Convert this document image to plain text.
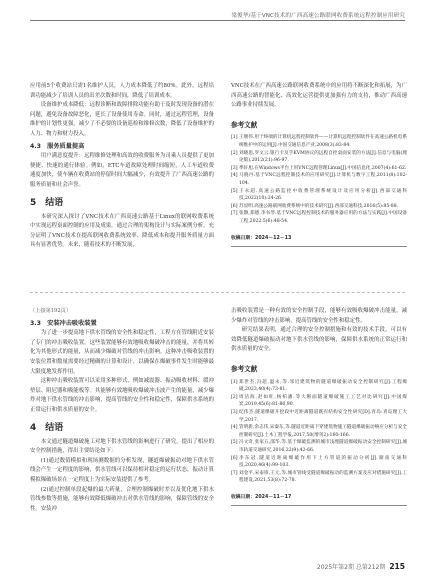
梁俊华/基于VNC技术的广西高速公路联网收费系统远程控制应用研究

应用前5个收费站只需1名维护人员，人力成本降低了约80%。此外，远程培训功能减少了培训人员的出差次数和时间，降低了培训成本。

设备维护成本降低：远程诊断和故障排除功能有助于及时发现设备的潜在问题，避免设备故障恶化，延长了设备使用寿命。同时，通过远程管理，设备维护的计划性更强，减少了不必要的设备巡检和维修次数，降低了设备维护的人力、物力和财力投入。

4.3　服务质量提高

用户满意度提升：远程维修处理和高效的收费服务为司乘人员提供了更加便捷、快速的通行体验。例如，ETC车道故障处理时间缩短，人工车道收费速度加快，使车辆在收费站的停留时间大幅减少，有效提升了广西高速公路的服务质量和社会声誉。

5　结语

本研究深入探讨了VNC技术在广西高速公路基于Linux的联网收费系统中实现远程桌面控制的应用及成果。通过合理的架构设计与实际案例分析，充分证明了VNC技术在提高联网收费系统效率、降低成本和提升服务质量方面具有显著优势。未来，随着技术的不断发展，

VNC技术在广西高速公路联网收费系统中的应用将不断深化和拓展，为广西高速公路的智能化、高效化运营提供更加强有力的支持，推动广西高速公路事业持续发展。

参考文献

[1] 王堰伟.用于终端的计算机远程控制软件——计算机远程控制软件在高速公路机电系统维护中的运用[J].中国交通信息产业,2008(3):83-84.

[2] 刘晓思,罗文云.银行卡及手KVM协议的远程自控桌面安装的方法[J].信息与电脑(理论版),2012(21):96-97.

[3] 季轩旭.在Windows平台上用VNC远程管理Linux[J].中国信息化,2007(4):61-62.

[4] 马晓丹.基于VNC远程控制技术的应用研究[J].计算机与数字工程,2011(8):102-104.

[5] 王永超.高速公路监控中收费管理系统设计及应用分析[J].西部交通科技,2022(10):24-26.

[6] 苏显明.高速公路联网收费系统中的技术研究[J].西部交通科技,2016(5):85-88.

[7] 张颢,郑德,李书琴.基于VNC远程控制技术的服务器应用的方法与实践[J].中国设备工程,2022.5(6):48-54.

收稿日期：2024－12－13

（上接第192页）

3.3　安装冲击吸收装置

为了进一步提高地下供水管线的安全性和稳定性，工程方在管线附近安装了专门的冲击吸收装置。这些装置能够有效地吸收爆破冲击的能量，并将其转化为其他形式的能量，从而减少爆破对管线的冲击影响。这种冲击吸收装置的安装位置和数量需要经过精确的计算和设计，以确保在爆破事件发生时能够最大限度地发挥作用。

这种冲击吸收装置可以采用多种形式，例如减震器、振动吸收材料、缓冲垫层、阻尼器和吸能板等。其能够有效地吸收爆破冲击波产生的能量，减少爆炸对地下供水管线的冲击影响，提高管线的安全性和稳定性，保障供水系统的正常运行和供水质量的安全。

4　结语

本文通过隧道爆破施工对地下供水管线的影响进行了研究，提出了相应的安全控制措施，得出主要结论如下：

(1)通过数值模拟和现场测数据的分析发现，隧道爆破振动对地下供水管线会产生一定程度的影响，供水管线可以保持相对稳定的运行状态，振动计算模拟爆破场景在一定程度上为实际安装提供了参考。

(2)通过控制单段起爆的最大药量，合理控制爆破时差以及优化地下供水管线参数等措施，能够有效降低爆破冲击对供水管线的影响，保障管线的安全性。安装冲

击吸收装置是一种有效的安全控制手段，能够有效吸收爆破冲击能量，减少爆炸对管线的冲击影响，提高管线的安全性和稳定性。

研究结果表明，通过合理的安全控制措施和有效的技术手段，可以有效降低隧道爆破振动对地下供水管线的影响，保障供水系统的正常运行和供水质量的安全。

参考文献

[1] 郑世杰,冯超,温永,等.邻近建筑物的隧道爆破振动安全控制研究[J].工程爆破,2023,40(4):73-81.

[2] 周洁海,赵如旺,杨柏潘.等大断面隧道爆破施工工艺对比研究[J].中国煤炭,2019,45(6):81-86,90.

[3] 纪伟杰.隧道爆破开挖段中近距离隧道既有结构安全性研究[D].青岛:青岛理工大学,2017.

[4] 管明新,余志伟,宋秦东,等.隧道近距离下穿建筑物施工隧道爆破振动响应分析与安全控制研究[J].土木工程学报,2017,50(增刊2):160-166.

[5] 冯文奇,张家五,邵华,等.基于爆破监测的城市浅埋隧道爆破振动安全控制研究[J].城市轨道交通研究,2016,22(9):42-66.

[6] 李东冠.隧道近距离爆破作用下上方管道的振动分析[J].湖南交通科技,2020,46(4):99-103.

[7] 刘金平,宋泰锋,王元,等.城市管线受隧道爆破振动的监测方案及应对措施研究[J].工程建设,2021,53(8):72-78.

收稿日期：2024－11－17
2025年第2期 总第212期 215
